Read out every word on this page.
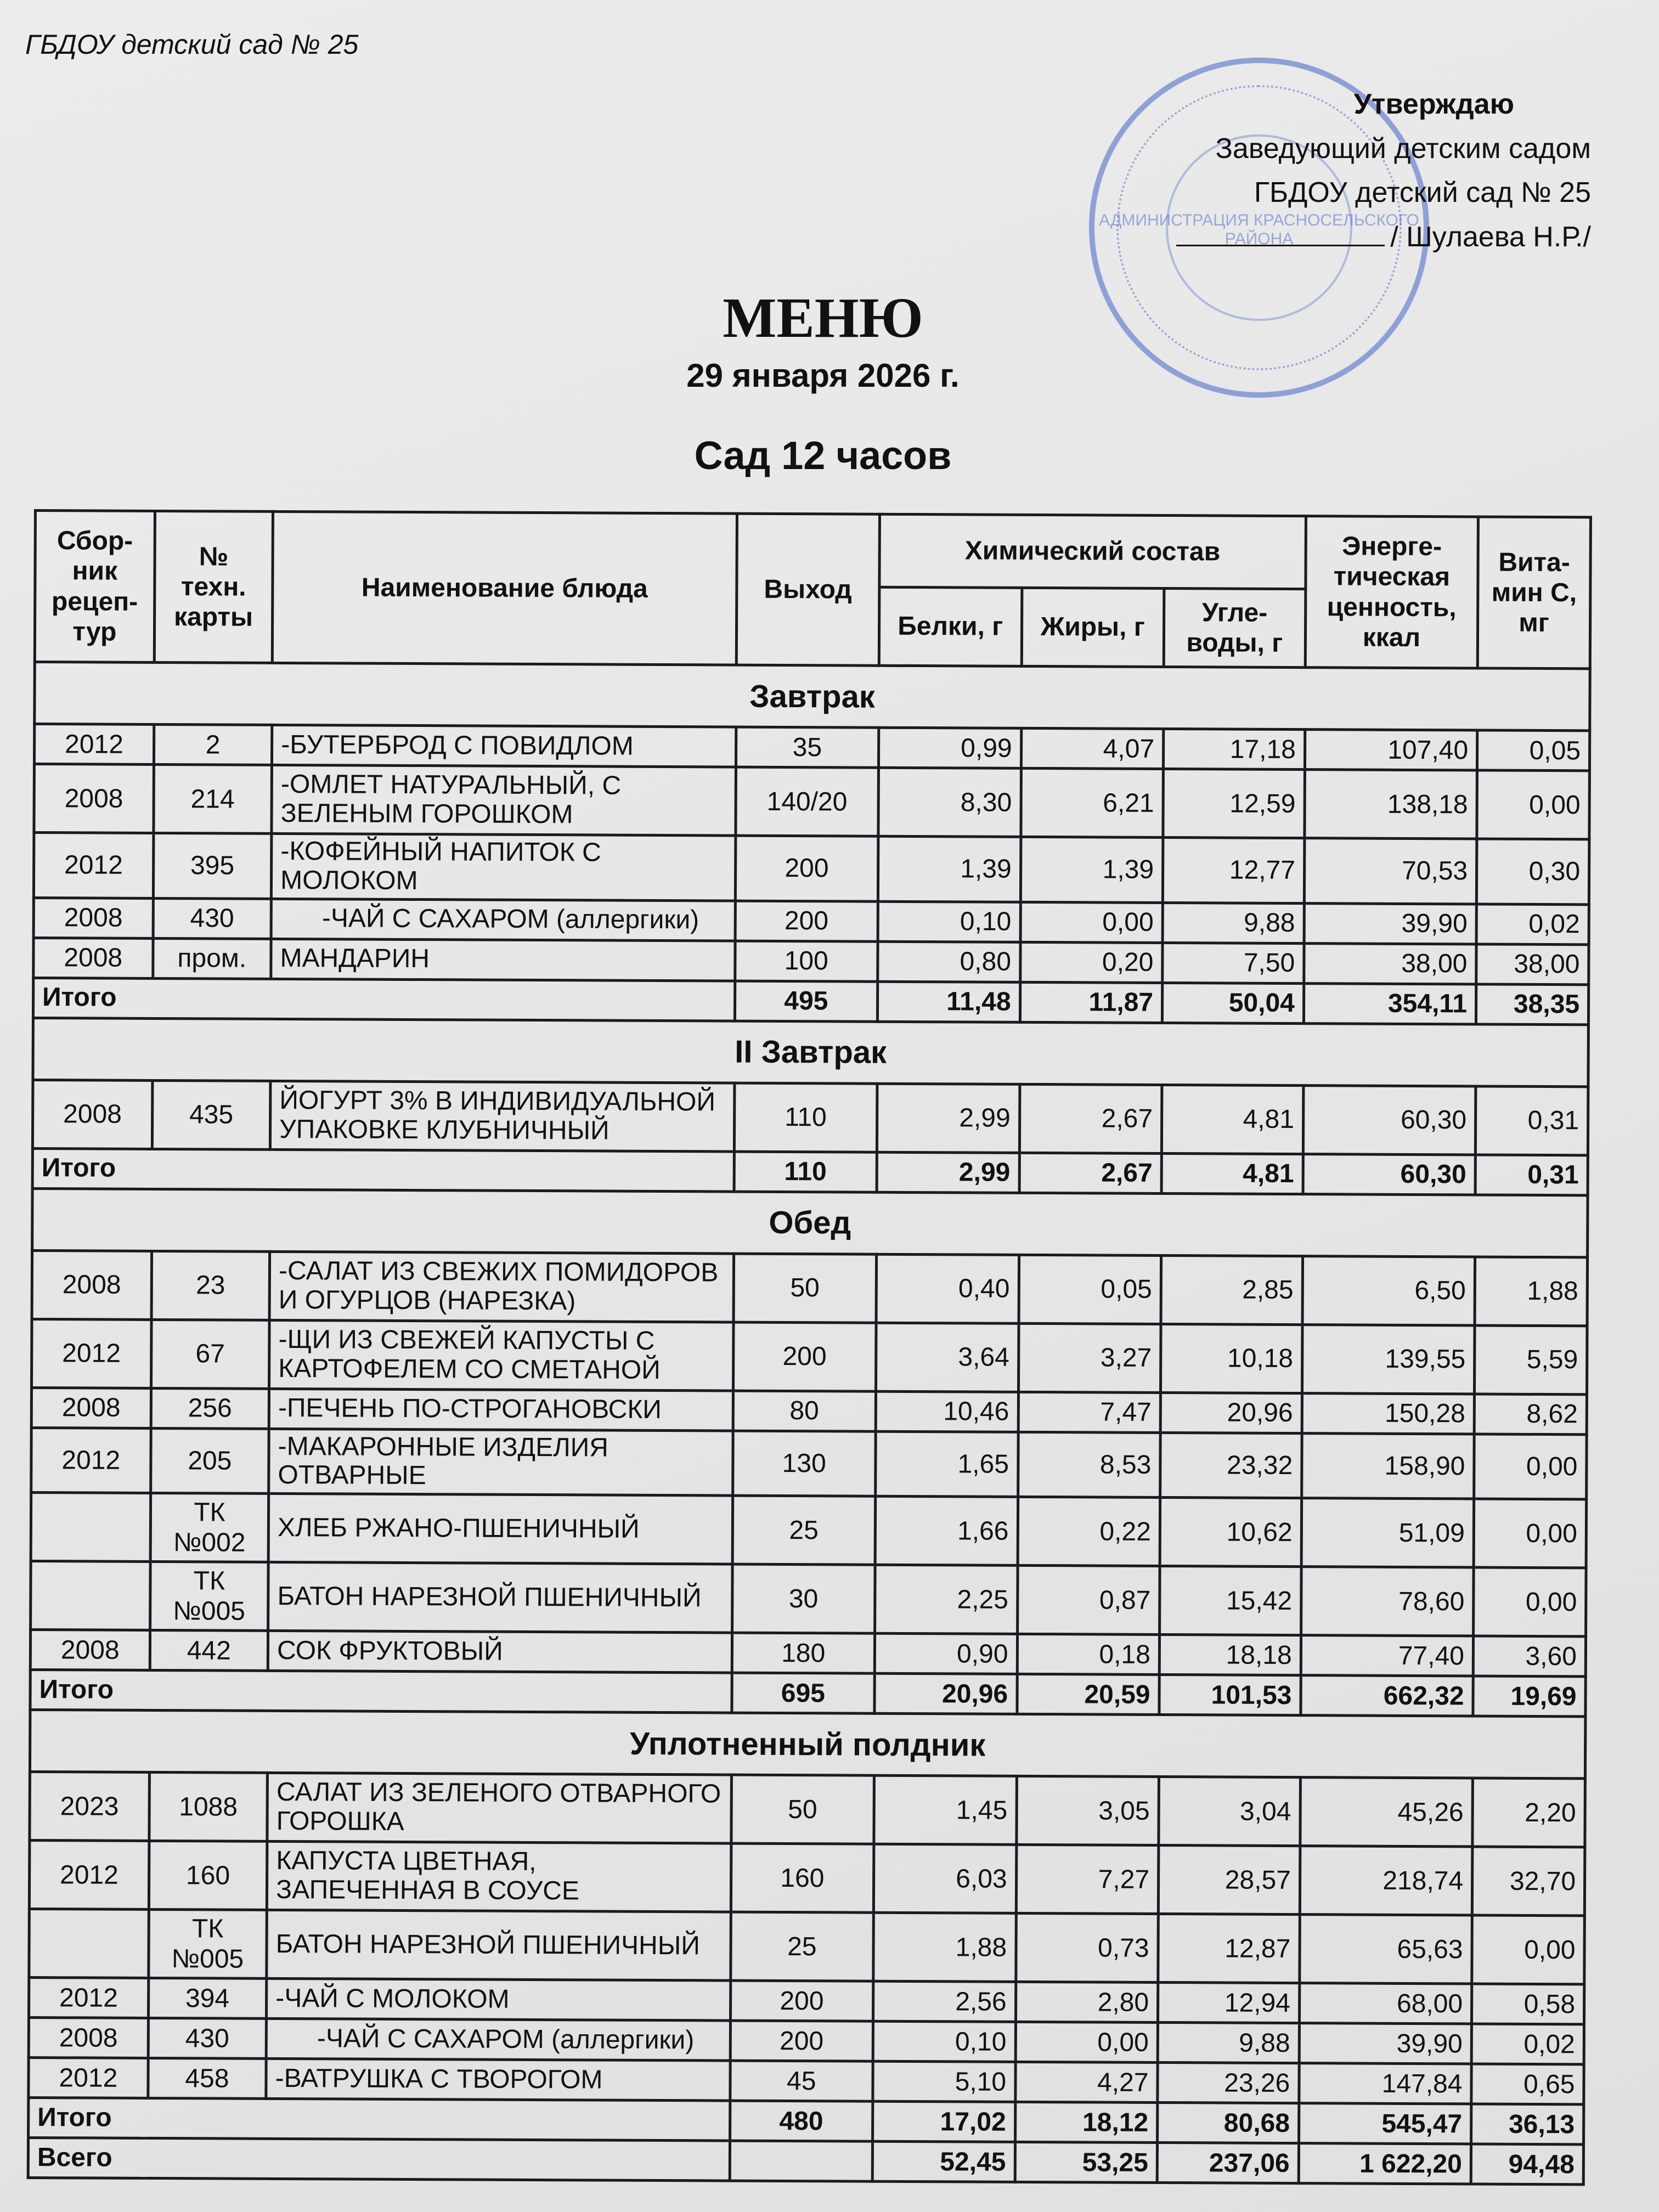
ГБДОУ детский сад № 25
АДМИНИСТРАЦИЯ КРАСНОСЕЛЬСКОГО РАЙОНА
Утверждаю
Заведующий детским садом
ГБДОУ детский сад № 25
/ Шулаева Н.Р./
МЕНЮ
29 января 2026 г.
Сад 12 часов
Сбор-ник рецеп-тур	№ техн. карты	Наименование блюда	Выход	Химический состав			Энерге-тическая ценность, ккал	Вита-мин С, мг
				Белки, г	Жиры, г	Угле-воды, г		
Завтрак								
2012	2	-БУТЕРБРОД С ПОВИДЛОМ	35	0,99	4,07	17,18	107,40	0,05
2008	214	-ОМЛЕТ НАТУРАЛЬНЫЙ, С ЗЕЛЕНЫМ ГОРОШКОМ	140/20	8,30	6,21	12,59	138,18	0,00
2012	395	-КОФЕЙНЫЙ НАПИТОК С МОЛОКОМ	200	1,39	1,39	12,77	70,53	0,30
2008	430	-ЧАЙ С САХАРОМ (аллергики)	200	0,10	0,00	9,88	39,90	0,02
2008	пром.	МАНДАРИН	100	0,80	0,20	7,50	38,00	38,00
Итого			495	11,48	11,87	50,04	354,11	38,35
II Завтрак								
2008	435	ЙОГУРТ 3% В ИНДИВИДУАЛЬНОЙ УПАКОВКЕ КЛУБНИЧНЫЙ	110	2,99	2,67	4,81	60,30	0,31
Итого			110	2,99	2,67	4,81	60,30	0,31
Обед								
2008	23	-САЛАТ ИЗ СВЕЖИХ ПОМИДОРОВ И ОГУРЦОВ (НАРЕЗКА)	50	0,40	0,05	2,85	6,50	1,88
2012	67	-ЩИ ИЗ СВЕЖЕЙ КАПУСТЫ С КАРТОФЕЛЕМ СО СМЕТАНОЙ	200	3,64	3,27	10,18	139,55	5,59
2008	256	-ПЕЧЕНЬ ПО-СТРОГАНОВСКИ	80	10,46	7,47	20,96	150,28	8,62
2012	205	-МАКАРОННЫЕ ИЗДЕЛИЯ ОТВАРНЫЕ	130	1,65	8,53	23,32	158,90	0,00
	ТК №002	ХЛЕБ РЖАНО-ПШЕНИЧНЫЙ	25	1,66	0,22	10,62	51,09	0,00
	ТК №005	БАТОН НАРЕЗНОЙ ПШЕНИЧНЫЙ	30	2,25	0,87	15,42	78,60	0,00
2008	442	СОК ФРУКТОВЫЙ	180	0,90	0,18	18,18	77,40	3,60
Итого			695	20,96	20,59	101,53	662,32	19,69
Уплотненный полдник								
2023	1088	САЛАТ ИЗ ЗЕЛЕНОГО ОТВАРНОГО ГОРОШКА	50	1,45	3,05	3,04	45,26	2,20
2012	160	КАПУСТА ЦВЕТНАЯ, ЗАПЕЧЕННАЯ В СОУСЕ	160	6,03	7,27	28,57	218,74	32,70
	ТК №005	БАТОН НАРЕЗНОЙ ПШЕНИЧНЫЙ	25	1,88	0,73	12,87	65,63	0,00
2012	394	-ЧАЙ С МОЛОКОМ	200	2,56	2,80	12,94	68,00	0,58
2008	430	-ЧАЙ С САХАРОМ (аллергики)	200	0,10	0,00	9,88	39,90	0,02
2012	458	-ВАТРУШКА С ТВОРОГОМ	45	5,10	4,27	23,26	147,84	0,65
Итого			480	17,02	18,12	80,68	545,47	36,13
Всего				52,45	53,25	237,06	1 622,20	94,48
